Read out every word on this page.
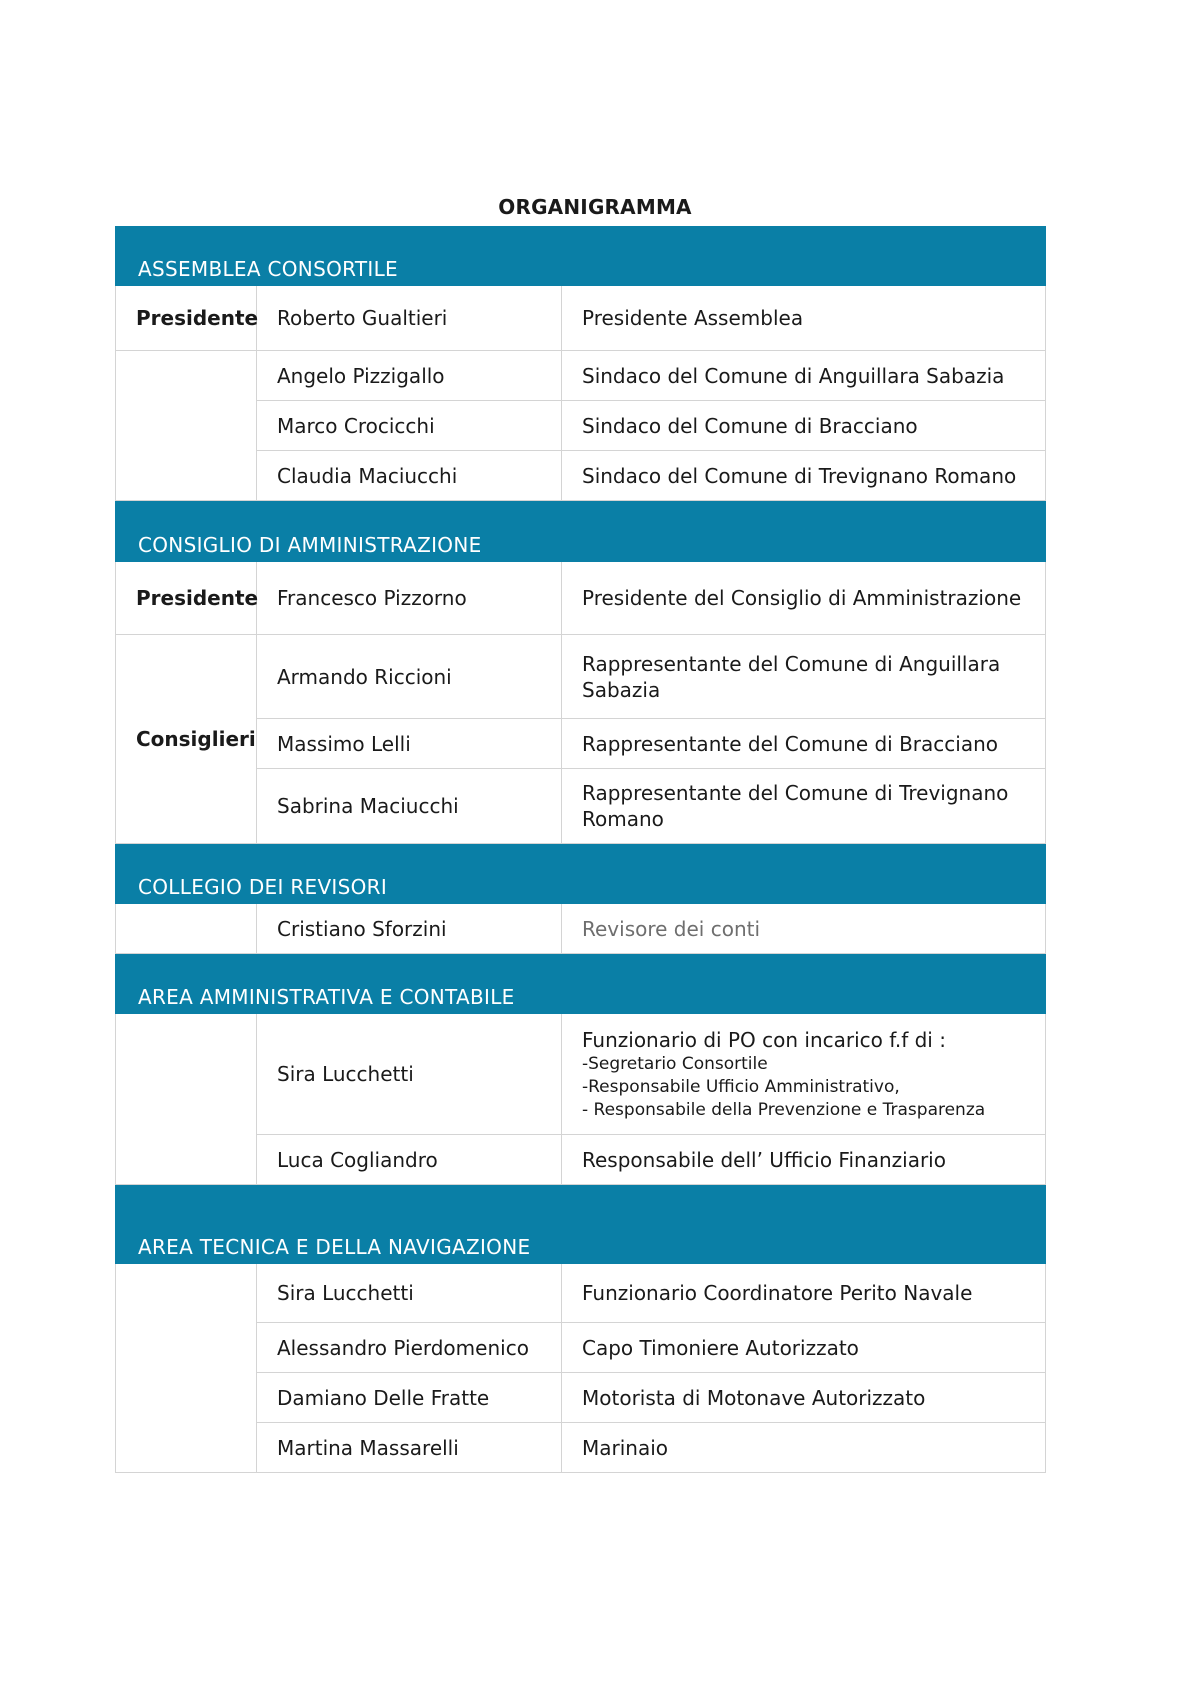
ORGANIGRAMMA
ASSEMBLEA CONSORTILE		
Presidente	Roberto Gualtieri	Presidente Assemblea
	Angelo Pizzigallo	Sindaco del Comune di Anguillara Sabazia
	Marco Crocicchi	Sindaco del Comune di Bracciano
	Claudia Maciucchi	Sindaco del Comune di Trevignano Romano
CONSIGLIO DI AMMINISTRAZIONE		
Presidente	Francesco Pizzorno	Presidente del Consiglio di Amministrazione
Consiglieri	Armando Riccioni	Rappresentante del Comune di Anguillara
Sabazia

	Massimo Lelli	Rappresentante del Comune di Bracciano
	Sabrina Maciucchi	Rappresentante del Comune di Trevignano
Romano

COLLEGIO DEI REVISORI		
	Cristiano Sforzini	Revisore dei conti
AREA AMMINISTRATIVA E CONTABILE		
	Sira Lucchetti	Funzionario di PO con incarico f.f di :
-Segretario Consortile
-Responsabile Ufficio Amministrativo,
- Responsabile della Prevenzione e Trasparenza

	Luca Cogliandro	Responsabile dell’ Ufficio Finanziario
AREA TECNICA E DELLA NAVIGAZIONE		
	Sira Lucchetti	Funzionario Coordinatore Perito Navale
	Alessandro Pierdomenico	Capo Timoniere Autorizzato
	Damiano Delle Fratte	Motorista di Motonave Autorizzato
	Martina Massarelli	Marinaio
